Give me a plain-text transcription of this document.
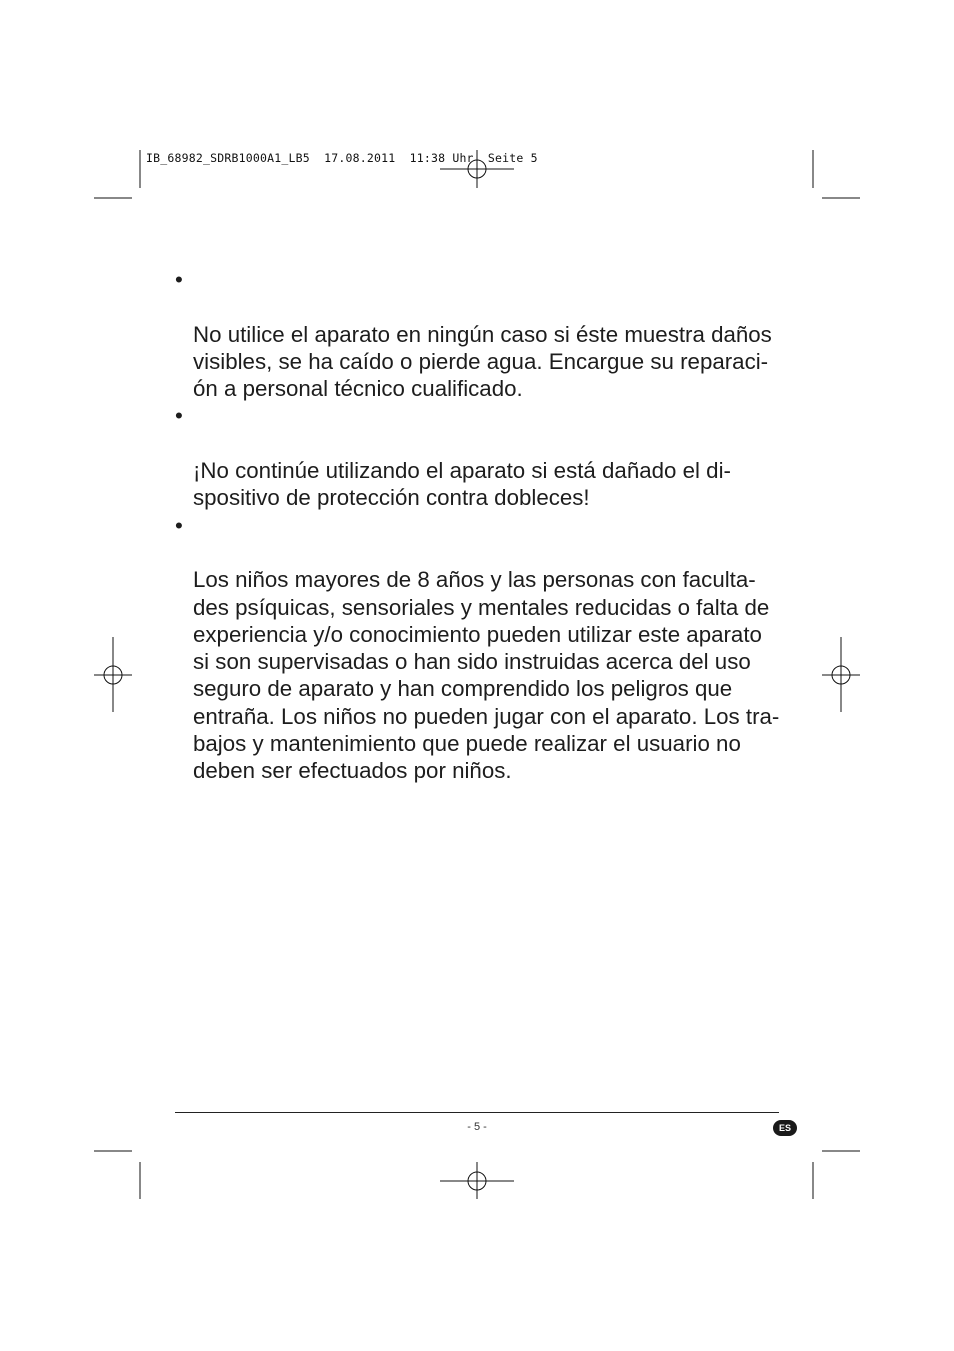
IB_68982_SDRB1000A1_LB5  17.08.2011  11:38 Uhr  Seite 5

•

No utilice el aparato en ningún caso si éste muestra daños
visibles, se ha caído o pierde agua. Encargue su reparaci-
ón a personal técnico cualificado.

•

¡No continúe utilizando el aparato si está dañado el di-
spositivo de protección contra dobleces!

•

Los niños mayores de 8 años y las personas con faculta-
des psíquicas, sensoriales y mentales reducidas o falta de
experiencia y/o conocimiento pueden utilizar este aparato
si son supervisadas o han sido instruidas acerca del uso
seguro de aparato y han comprendido los peligros que
entraña. Los niños no pueden jugar con el aparato. Los tra-
bajos y mantenimiento que puede realizar el usuario no
deben ser efectuados por niños.

- 5 -	ES
